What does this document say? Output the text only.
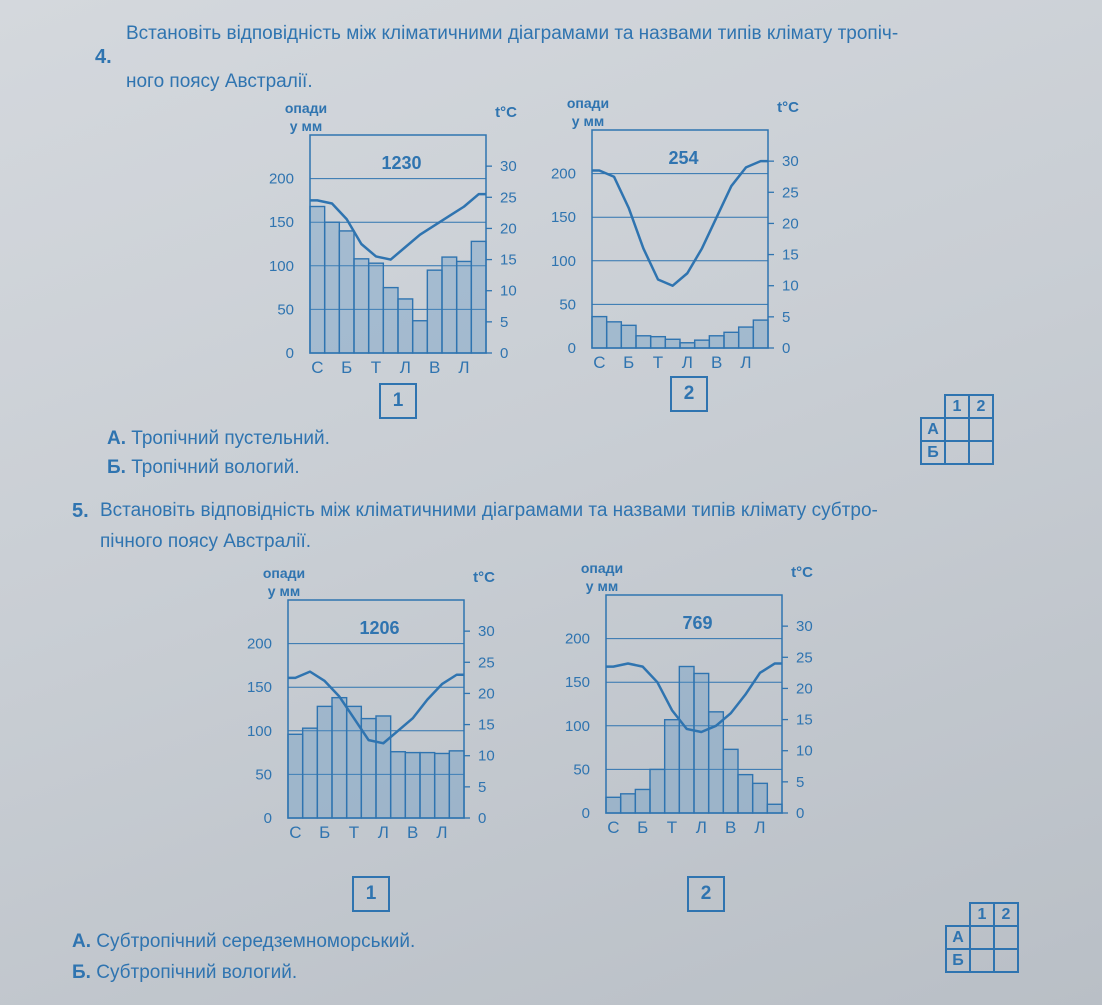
4.
Встановіть відповідність між кліматичними діаграмами та назвами типів клімату тропіч-
ного поясу Австралії.
0
50
100
150
200
0
5
10
15
20
25
30
опади
у мм
t°C
1230
С Б Т Л В Л
0
50
100
150
200
0
5
10
15
20
25
30
опади
у мм
t°C
254
С Б Т Л В Л
1	2
А. Тропічний пустельний.
Б. Тропічний вологий.
	1	2
А		
Б		
5. Встановіть відповідність між кліматичними діаграмами та назвами типів клімату субтро-
пічного поясу Австралії.
0
50
100
150
200
0
5
10
15
20
25
30
опади
у мм
t°C
1206
С Б Т Л В Л
0
50
100
150
200
0
5
10
15
20
25
30
опади
у мм
t°C
769
С Б Т Л В Л
1	2
А. Субтропічний середземноморський.
Б. Субтропічний вологий.
	1	2
А		
Б		
